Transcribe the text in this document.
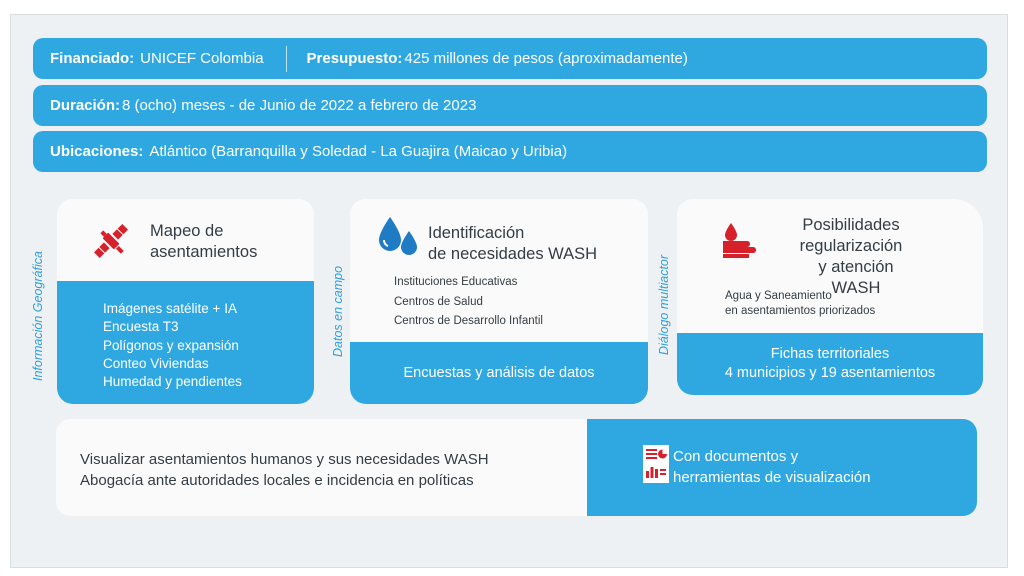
Financiado: UNICEF Colombia	Presupuesto: 425 millones de pesos (aproximadamente)
Duración: 8 (ocho) meses - de Junio de 2022 a febrero de 2023
Ubicaciones: Atlántico (Barranquilla y Soledad - La Guajira (Maicao y Uribia)
Información Geográfica	Datos en campo	Diálogo multiactor
Mapeo de
asentamientos
Imágenes satélite + IA
Encuesta T3
Polígonos y expansión
Conteo Viviendas
Humedad y pendientes
Identificación
de necesidades WASH
Instituciones Educativas
Centros de Salud
Centros de Desarrollo Infantil
Encuestas y análisis de datos
Posibilidades
regularización
y atención WASH
Agua y Saneamiento
en asentamientos priorizados
Fichas territoriales
4 municipios y 19 asentamientos
Visualizar asentamientos humanos y sus necesidades WASH
Abogacía ante autoridades locales e incidencia en políticas
Con documentos y
herramientas de visualización
